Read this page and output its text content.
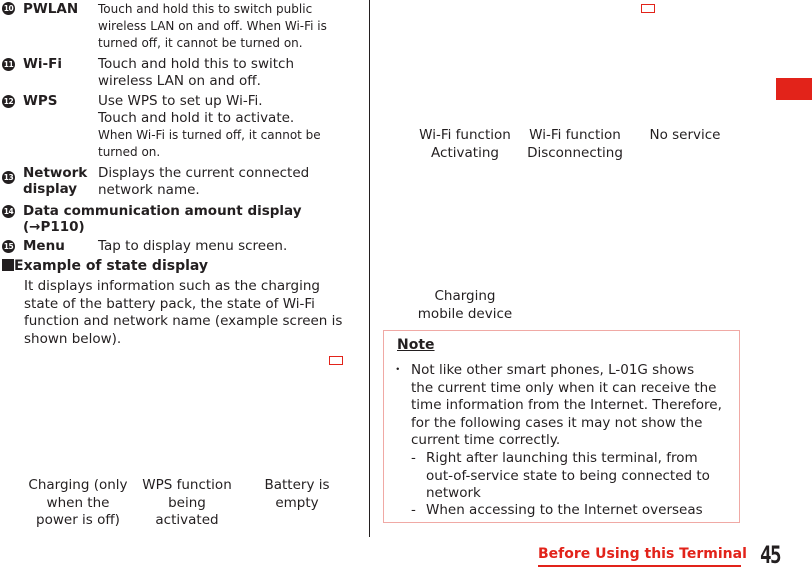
10 PWLAN Touch and hold this to switch public
wireless LAN on and off. When Wi-Fi is
turned off, it cannot be turned on.
11 Wi-Fi	Touch and hold this to switch
wireless LAN on and off.
12 WPS	Use WPS to set up Wi-Fi.
Touch and hold it to activate.
When Wi-Fi is turned off, it cannot be
turned on.
13 Network
display
Displays the current connected
network name.
14 Data communication amount display
(→P110)
15 Menu Tap to display menu screen.
Example of state display
It displays information such as the charging
state of the battery pack, the state of Wi-Fi
function and network name (example screen is
shown below).
Charging (only
when the
power is off)
WPS function
being
activated
Battery is
empty
Wi-Fi function
Activating
Wi-Fi function
Disconnecting
No service
Charging
mobile device
Note
・ Not like other smart phones, L-01G shows
the current time only when it can receive the
time information from the Internet. Therefore,
for the following cases it may not show the
current time correctly.
- Right after launching this terminal, from
out-of-service state to being connected to
network
- When accessing to the Internet overseas
Before Using this Terminal 45
